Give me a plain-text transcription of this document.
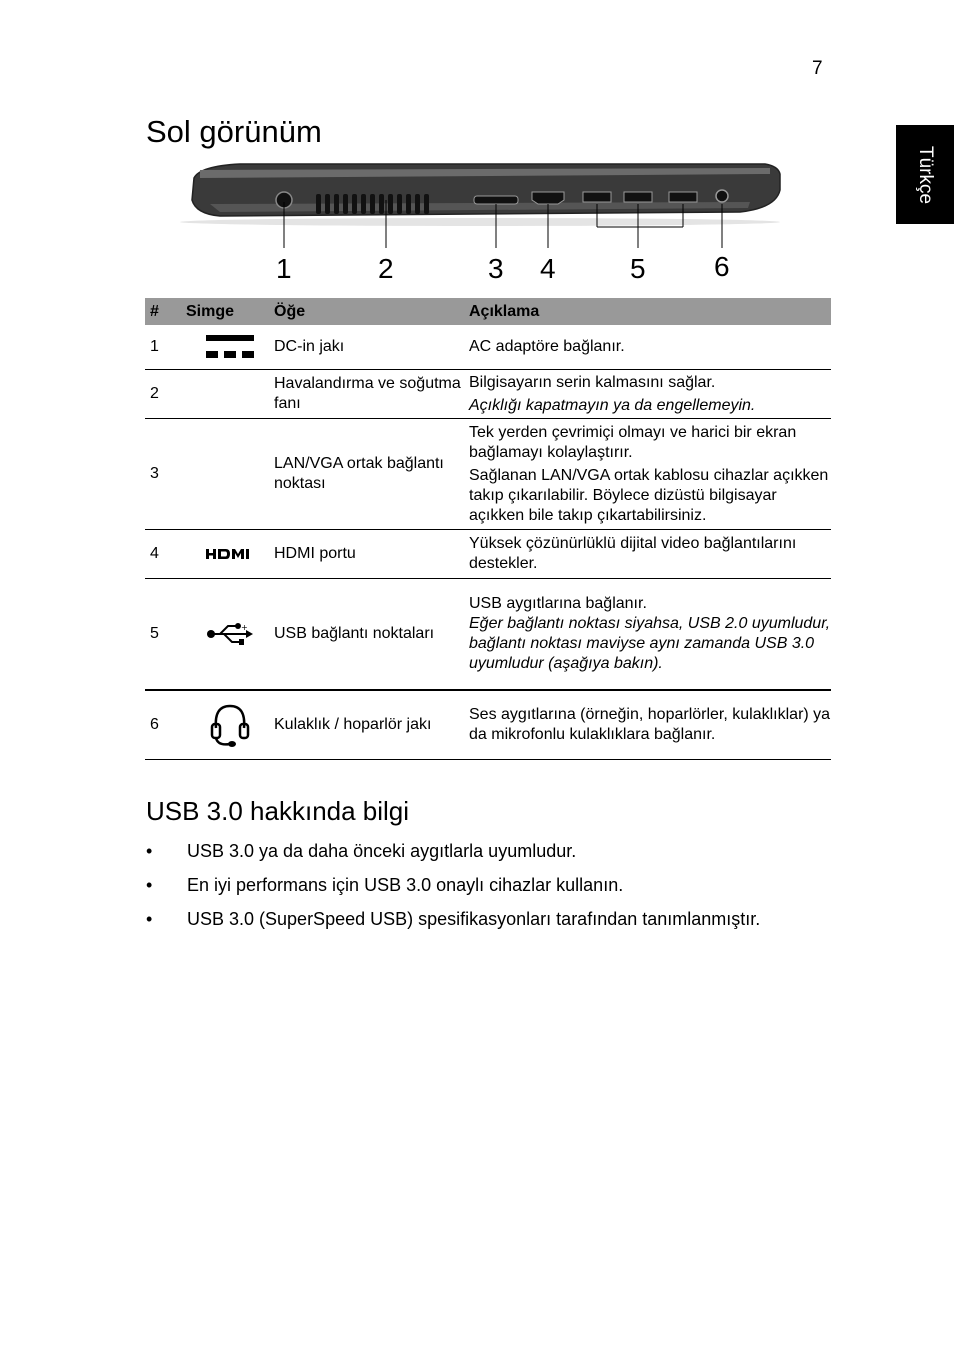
7
Türkçe
Sol görünüm
1	2	3 4	5 6
#	Simge	Öğe	Açıklama
1		DC-in jakı	AC adaptöre bağlanır.

2		Havalandırma ve soğutma fanı	Bilgisayarın serin kalmasını sağlar.

Açıklığı kapatmayın ya da engellemeyin.

3		LAN/VGA ortak bağlantı noktası	Tek yerden çevrimiçi olmayı ve harici bir ekran bağlamayı kolaylaştırır.

Sağlanan LAN/VGA ortak kablosu cihazlar açıkken takıp çıkarılabilir. Böylece dizüstü bilgisayar açıkken bile takıp çıkartabilirsiniz.

4		HDMI portu	Yüksek çözünürlüklü dijital video bağlantılarını destekler.

5	+	USB bağlantı noktaları	USB aygıtlarına bağlanır.

Eğer bağlantı noktası siyahsa, USB 2.0 uyumludur, bağlantı noktası maviyse aynı zamanda USB 3.0 uyumludur (aşağıya bakın).

6		Kulaklık / hoparlör jakı	Ses aygıtlarına (örneğin, hoparlörler, kulaklıklar) ya da mikrofonlu kulaklıklara bağlanır.

USB 3.0 hakkında bilgi
• USB 3.0 ya da daha önceki aygıtlarla uyumludur.
• En iyi performans için USB 3.0 onaylı cihazlar kullanın.
• USB 3.0 (SuperSpeed USB) spesifikasyonları tarafından tanımlanmıştır.
